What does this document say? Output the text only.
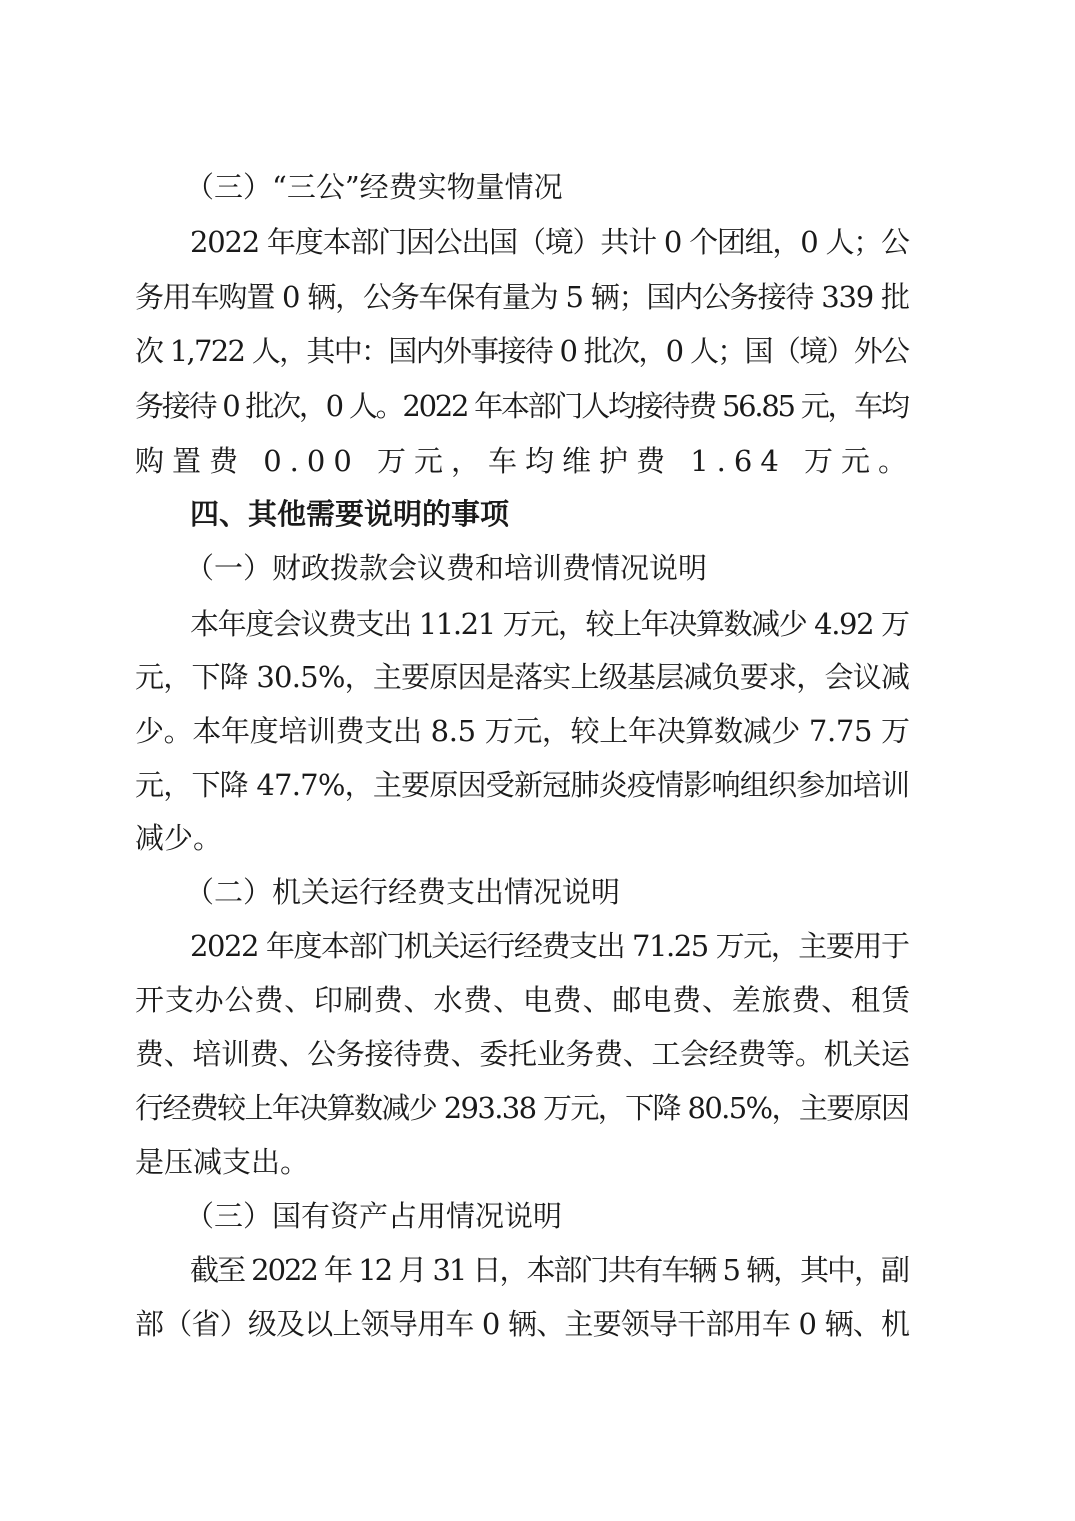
（三）“三公”经费实物量情况
2022 年度本部门因公出国（境）共计 0 个团组，0 人；公
务用车购置 0 辆，公务车保有量为 5 辆；国内公务接待 339 批
次 1,722 人，其中：国内外事接待 0 批次，0 人；国（境）外公
务接待 0 批次，0 人。2022 年本部门人均接待费 56.85 元，车均
购置费 0.00 万元，车均维护费 1.64 万元。
四、其他需要说明的事项
（一）财政拨款会议费和培训费情况说明
本年度会议费支出 11.21 万元，较上年决算数减少 4.92 万
元，下降 30.5%，主要原因是落实上级基层减负要求，会议减
少。本年度培训费支出 8.5 万元，较上年决算数减少 7.75 万
元，下降 47.7%，主要原因受新冠肺炎疫情影响组织参加培训
减少。
（二）机关运行经费支出情况说明
2022 年度本部门机关运行经费支出 71.25 万元，主要用于
开支办公费、印刷费、水费、电费、邮电费、差旅费、租赁
费、培训费、公务接待费、委托业务费、工会经费等。机关运
行经费较上年决算数减少 293.38 万元，下降 80.5%，主要原因
是压减支出。
（三）国有资产占用情况说明
截至 2022 年 12 月 31 日，本部门共有车辆 5 辆，其中，副
部（省）级及以上领导用车 0 辆、主要领导干部用车 0 辆、机
